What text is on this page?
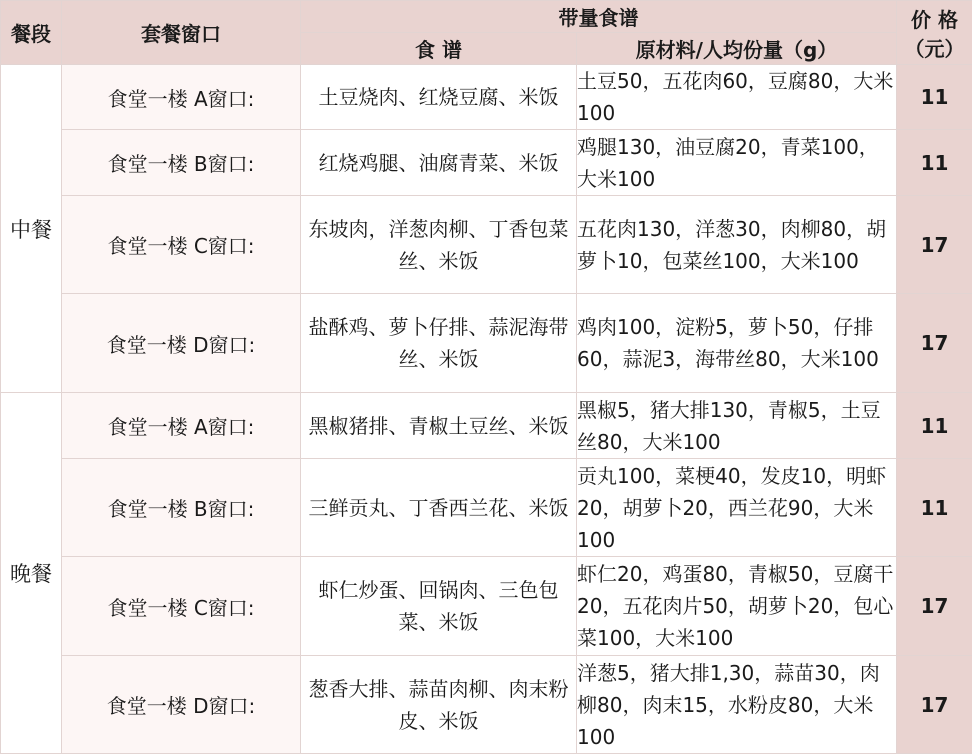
餐段	套餐窗口	带量食谱		价 格（元）
		食 谱	原材料/人均份量（g）	
中餐	食堂一楼 A窗口:	土豆烧肉、红烧豆腐、米饭	土豆50，五花肉60，豆腐80，大米100	11
	食堂一楼 B窗口:	红烧鸡腿、油腐青菜、米饭	鸡腿130，油豆腐20，青菜100，大米100	11
	食堂一楼 C窗口:	东坡肉，洋葱肉柳、丁香包菜丝、米饭	五花肉130，洋葱30，肉柳80，胡萝卜10，包菜丝100，大米100	17
	食堂一楼 D窗口:	盐酥鸡、萝卜仔排、蒜泥海带丝、米饭	鸡肉100，淀粉5，萝卜50，仔排60，蒜泥3，海带丝80，大米100	17
晚餐	食堂一楼 A窗口:	黑椒猪排、青椒土豆丝、米饭	黑椒5，猪大排130，青椒5，土豆丝80，大米100	11
	食堂一楼 B窗口:	三鲜贡丸、丁香西兰花、米饭	贡丸100，菜梗40，发皮10，明虾20，胡萝卜20，西兰花90，大米100	11
	食堂一楼 C窗口:	虾仁炒蛋、回锅肉、三色包菜、米饭	虾仁20，鸡蛋80，青椒50，豆腐干20，五花肉片50，胡萝卜20，包心菜100，大米100	17
	食堂一楼 D窗口:	葱香大排、蒜苗肉柳、肉末粉皮、米饭	洋葱5，猪大排1,30，蒜苗30，肉柳80，肉末15，水粉皮80，大米100	17
